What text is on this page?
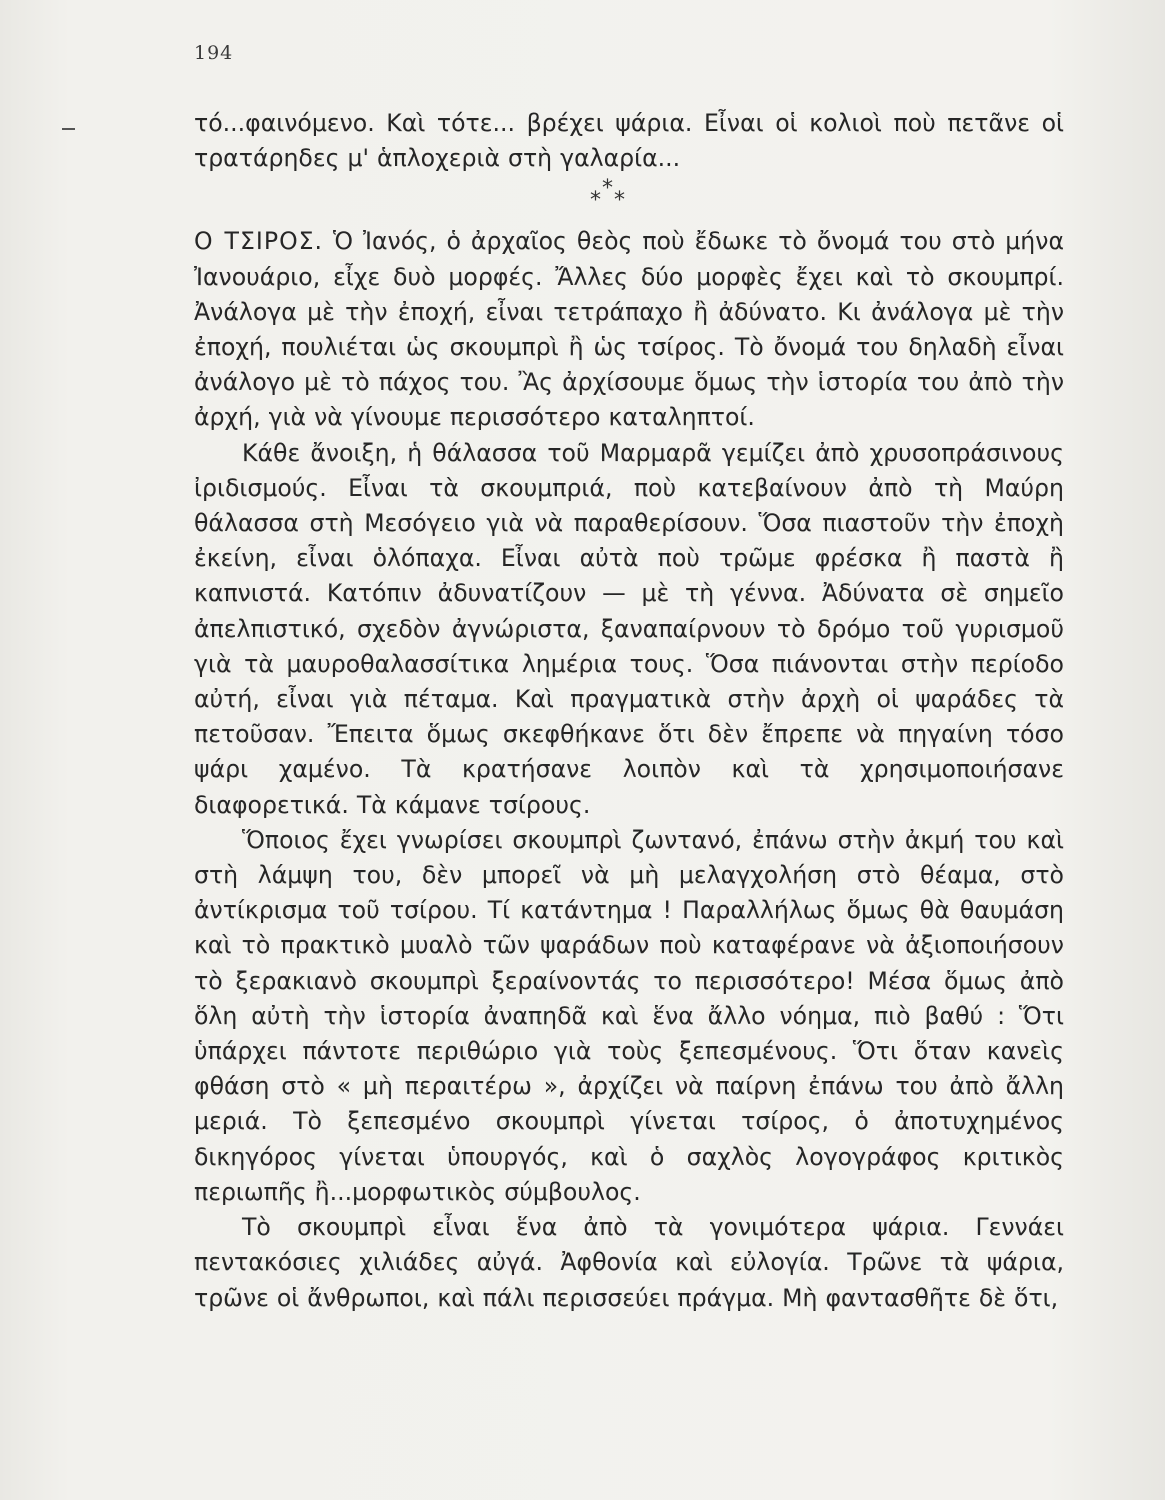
194

τό...φαινόμενο. Καὶ τότε... βρέχει ψάρια. Εἶναι οἱ κολιοὶ ποὺ πετᾶνε οἱ τρατάρηδες μ' ἁπλοχεριὰ στὴ γαλαρία...

*
* *

Ο ΤΣΙΡΟΣ. Ὁ Ἰανός, ὁ ἀρχαῖος θεὸς ποὺ ἔδωκε τὸ ὄνομά του στὸ μήνα Ἰανουάριο, εἶχε δυὸ μορφές. Ἄλλες δύο μορφὲς ἔχει καὶ τὸ σκουμπρί. Ἀνάλογα μὲ τὴν ἐποχή, εἶναι τετράπαχο ἢ ἀδύνατο. Κι ἀνάλογα μὲ τὴν ἐποχή, πουλιέται ὡς σκουμπρὶ ἢ ὡς τσίρος. Τὸ ὄνομά του δηλαδὴ εἶναι ἀνάλογο μὲ τὸ πάχος του. Ἂς ἀρχίσουμε ὅμως τὴν ἱστορία του ἀπὸ τὴν ἀρχή, γιὰ νὰ γίνουμε περισσότερο καταληπτοί.

Κάθε ἄνοιξη, ἡ θάλασσα τοῦ Μαρμαρᾶ γεμίζει ἀπὸ χρυσοπράσινους ἰριδισμούς. Εἶναι τὰ σκουμπριά, ποὺ κατεβαίνουν ἀπὸ τὴ Μαύρη θάλασσα στὴ Μεσόγειο γιὰ νὰ παραθερίσουν. Ὅσα πιαστοῦν τὴν ἐποχὴ ἐκείνη, εἶναι ὁλόπαχα. Εἶναι αὐτὰ ποὺ τρῶμε φρέσκα ἢ παστὰ ἢ καπνιστά. Κατόπιν ἀδυνατίζουν — μὲ τὴ γέννα. Ἀδύνατα σὲ σημεῖο ἀπελπιστικό, σχεδὸν ἀγνώριστα, ξαναπαίρνουν τὸ δρόμο τοῦ γυρισμοῦ γιὰ τὰ μαυροθαλασσίτικα λημέρια τους. Ὅσα πιάνονται στὴν περίοδο αὐτή, εἶναι γιὰ πέταμα. Καὶ πραγματικὰ στὴν ἀρχὴ οἱ ψαράδες τὰ πετοῦσαν. Ἔπειτα ὅμως σκεφθήκανε ὅτι δὲν ἔπρεπε νὰ πηγαίνη τόσο ψάρι χαμένο. Τὰ κρατήσανε λοιπὸν καὶ τὰ χρησιμοποιήσανε διαφορετικά. Τὰ κάμανε τσίρους.

Ὅποιος ἔχει γνωρίσει σκουμπρὶ ζωντανό, ἐπάνω στὴν ἀκμή του καὶ στὴ λάμψη του, δὲν μπορεῖ νὰ μὴ μελαγχολήση στὸ θέαμα, στὸ ἀντίκρισμα τοῦ τσίρου. Τί κατάντημα ! Παραλλήλως ὅμως θὰ θαυμάση καὶ τὸ πρακτικὸ μυαλὸ τῶν ψαράδων ποὺ καταφέρανε νὰ ἀξιοποιήσουν τὸ ξερακιανὸ σκουμπρὶ ξεραίνοντάς το περισσότερο! Μέσα ὅμως ἀπὸ ὅλη αὐτὴ τὴν ἱστορία ἀναπηδᾶ καὶ ἕνα ἄλλο νόημα, πιὸ βαθύ : Ὅτι ὑπάρχει πάντοτε περιθώριο γιὰ τοὺς ξεπεσμένους. Ὅτι ὅταν κανεὶς φθάση στὸ « μὴ περαιτέρω », ἀρχίζει νὰ παίρνη ἐπάνω του ἀπὸ ἄλλη μεριά. Τὸ ξεπεσμένο σκουμπρὶ γίνεται τσίρος, ὁ ἀποτυχημένος δικηγόρος γίνεται ὑπουργός, καὶ ὁ σαχλὸς λογογράφος κριτικὸς περιωπῆς ἢ...μορφωτικὸς σύμβουλος.

Τὸ σκουμπρὶ εἶναι ἕνα ἀπὸ τὰ γονιμότερα ψάρια. Γεννάει πεντακόσιες χιλιάδες αὐγά. Ἀφθονία καὶ εὐλογία. Τρῶνε τὰ ψάρια, τρῶνε οἱ ἄνθρωποι, καὶ πάλι περισσεύει πράγμα. Μὴ φαντασθῆτε δὲ ὅτι,
